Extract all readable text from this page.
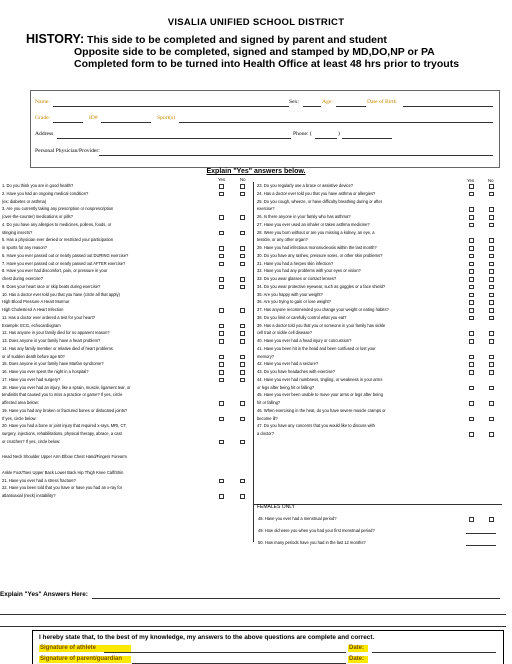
VISALIA UNIFIED SCHOOL DISTRICT
HISTORY: This side to be completed and signed by parent and student
Opposite side to be completed, signed and stamped by MD,DO,NP or PA
Completed form to be turned into Health Office at least 48 hrs prior to tryouts
Name:	Sex:	Age:	Date of Birth
Grade:	ID#	Sport(s)
Address	Phone: (	)
Personal Physician/Provider:
Explain "Yes" answers below.
Yes	No	Yes	No
1. Do you think you are in good health?
2. Have you had an ongoing medical condition?
(ex: diabetes or asthma)
3. Are you currently taking any prescription or nonprescription
(over-the-counter) medications or pills?
4. Do you have any allergies to medicines, pollens, foods, or
stinging insects?
5. Has a physician ever denied or restricted your participation
in sports for any reason?
6. Have you ever passed out or nearly passed out DURING exercise?
7. Have you ever passed out or nearly passed out AFTER exercise?
8. Have you ever had discomfort, pain, or pressure in your
chest during exercise?
9. Does your heart race or skip beats during exercise?
10. Has a doctor ever told you that you have (circle all that apply)
High Blood Pressure A Heart Murmur
High Cholesterol A Heart Infection
11. Has a doctor ever ordered a test for your heart?
Example: ECG, echocardiogram
12. Has anyone in your family died for no apparent reason?
13. Does anyone in your family have a heart problem?
14. Has any family member or relative died of heart problems
or of sudden death before age 50?
15. Does anyone in your family have Marfan syndrome?
16. Have you ever spent the night in a hospital?
17. Have you ever had surgery?
18. Have you ever had an injury, like a sprain, muscle, ligament tear, or
tendinitis that caused you to miss a practice or game? If yes, circle
affected area below:
19. Have you had any broken or fractured bones or dislocated joints?
If yes, circle below:
20. Have you had a bone or joint injury that required x-rays, MRI, CT,
surgery, injections, rehabilitations, physical therapy, abrace, a cast
or crutches? If yes, circle below:
Head Neck Shoulder Upper Arm Elbow Chest Hand/Fingers Forearm
Ankle Foot/Toes Upper Back Lower Back Hip Thigh Knee Calf/Shin
21. Have you ever had a stress fracture?
22. Have you been told that you have or have you had an x-ray for
atlantoaxial (neck) instability?
23. Do you regularly use a brace or assistive device?
24. Has a doctor ever told you that you have asthma or allergies?
25. Do you cough, wheeze, or have difficulty breathing during or after
exercise?
26. Is there anyone in your family who has asthma?
27. Have you ever used an inhaler or taken asthma medicine?
28. Were you born without or are you missing a kidney, an eye, a
testicle, or any other organ?
29. Have you had infectious mononucleosis within the last month?
30. Do you have any rashes, pressure sores, or other skin problems?
31. Have you had a herpes skin infection?
32. Have you had any problems with your eyes or vision?
33. Do you wear glasses or contact lenses?
34. Do you wear protective eyewear, such as goggles or a face shield?
35. Are you happy with your weight?
36. Are you trying to gain or lose weight?
37. Has anyone recommended you change your weight or eating habits?
38. Do you limit or carefully control what you eat?
39. Has a doctor told you that you or someone in your family has sickle
cell trait or sickle cell disease?
40. Have you ever had a head injury or concussion?
41. Have you been hit in the head and been confused or lost your
memory?
42. Have you ever had a seizure?
43. Do you have headaches with exercise?
44. Have you ever had numbness, tingling, or weakness in your arms
or legs after being hit or falling?
45. Have you ever been unable to move your arms or legs after being
hit or falling?
46. When exercising in the heat, do you have severe muscle cramps or
become ill?
47. Do you have any concerns that you would like to discuss with
a doctor?
FEMALES ONLY
48. Have you ever had a menstrual period?
49. How old were you when you had your first menstrual period?
50. How many periods have you had in the last 12 months?
Explain "Yes" Answers Here:
I hereby state that, to the best of my knowledge, my answers to the above questions are complete and correct.
Signature of athlete	Date:
Signature of parent/guardian	Date:
